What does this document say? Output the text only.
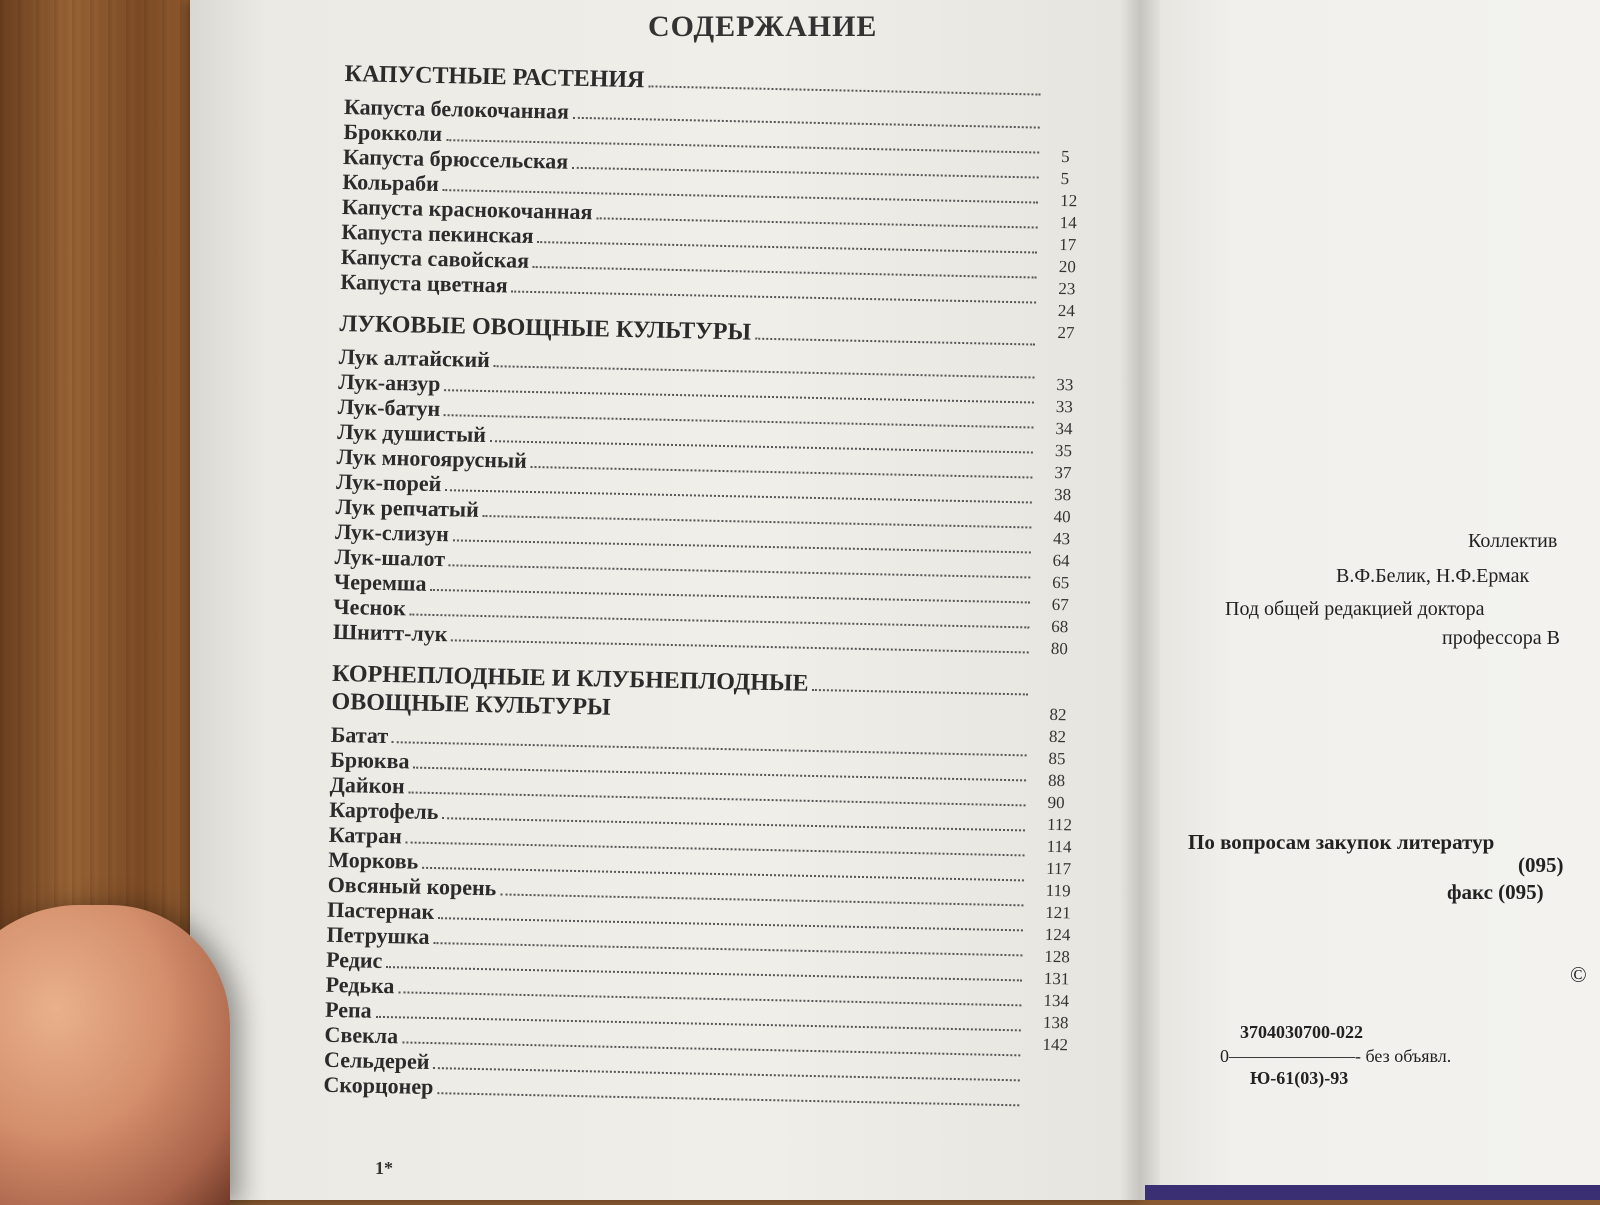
СОДЕРЖАНИЕ
КАПУСТНЫЕ РАСТЕНИЯ
Капуста белокочанная
Брокколи
Капуста брюссельская
Кольраби
Капуста краснокочанная
Капуста пекинская
Капуста савойская
Капуста цветная
ЛУКОВЫЕ ОВОЩНЫЕ КУЛЬТУРЫ
Лук алтайский
Лук-анзур
Лук-батун
Лук душистый
Лук многоярусный
Лук-порей
Лук репчатый
Лук-слизун
Лук-шалот
Черемша
Чеснок
Шнитт-лук
КОРНЕПЛОДНЫЕ И КЛУБНЕПЛОДНЫЕ
ОВОЩНЫЕ КУЛЬТУРЫ
Батат
Брюква
Дайкон
Картофель
Катран
Морковь
Овсяный корень
Пастернак
Петрушка
Редис
Редька
Репа
Свекла
Сельдерей
Скорцонер
5
5
12
14
17
20
23
24
27
33
33
34
35
37
38
40
43
64
65
67
68
80
82
82
85
88
90
112
114
117
119
121
124
128
131
134
138
142
1*
Коллектив
В.Ф.Белик, Н.Ф.Ермак
Под общей редакцией доктора
профессора В
По вопросам закупок литератур
(095)
факс (095)
©
3704030700-022
0———————- без объявл.
Ю-61(03)-93
